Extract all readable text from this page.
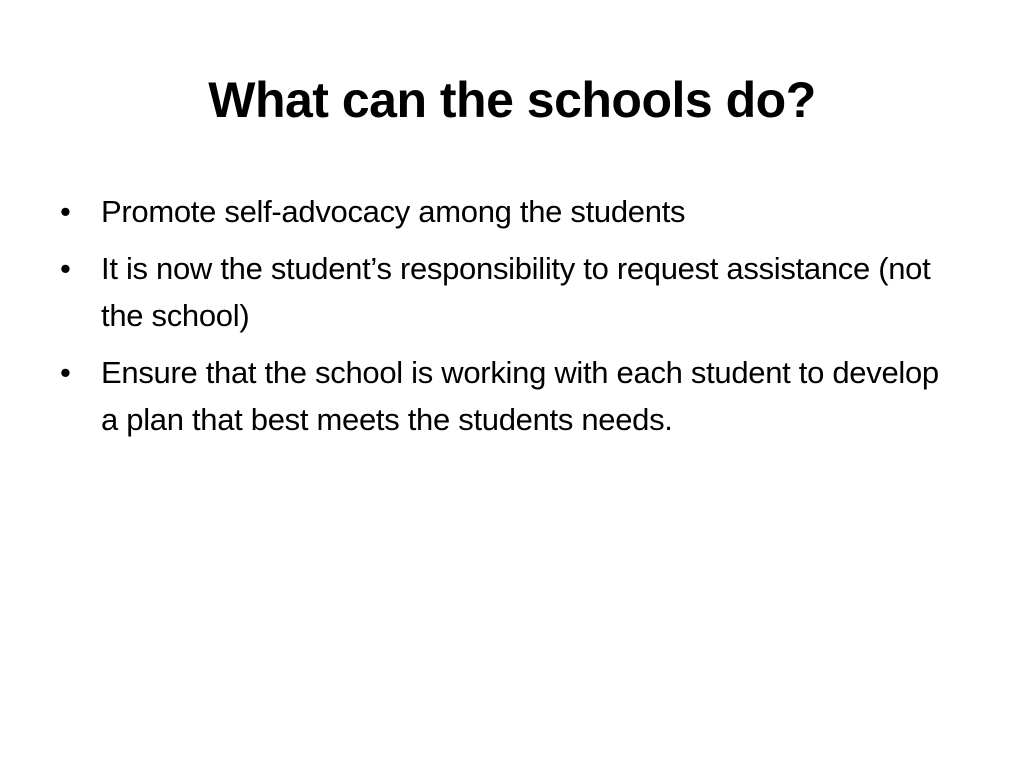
What can the schools do?
• Promote self-advocacy among the students
• It is now the student’s responsibility to request assistance (not the school)
• Ensure that the school is working with each student to develop a plan that best meets the students needs.
